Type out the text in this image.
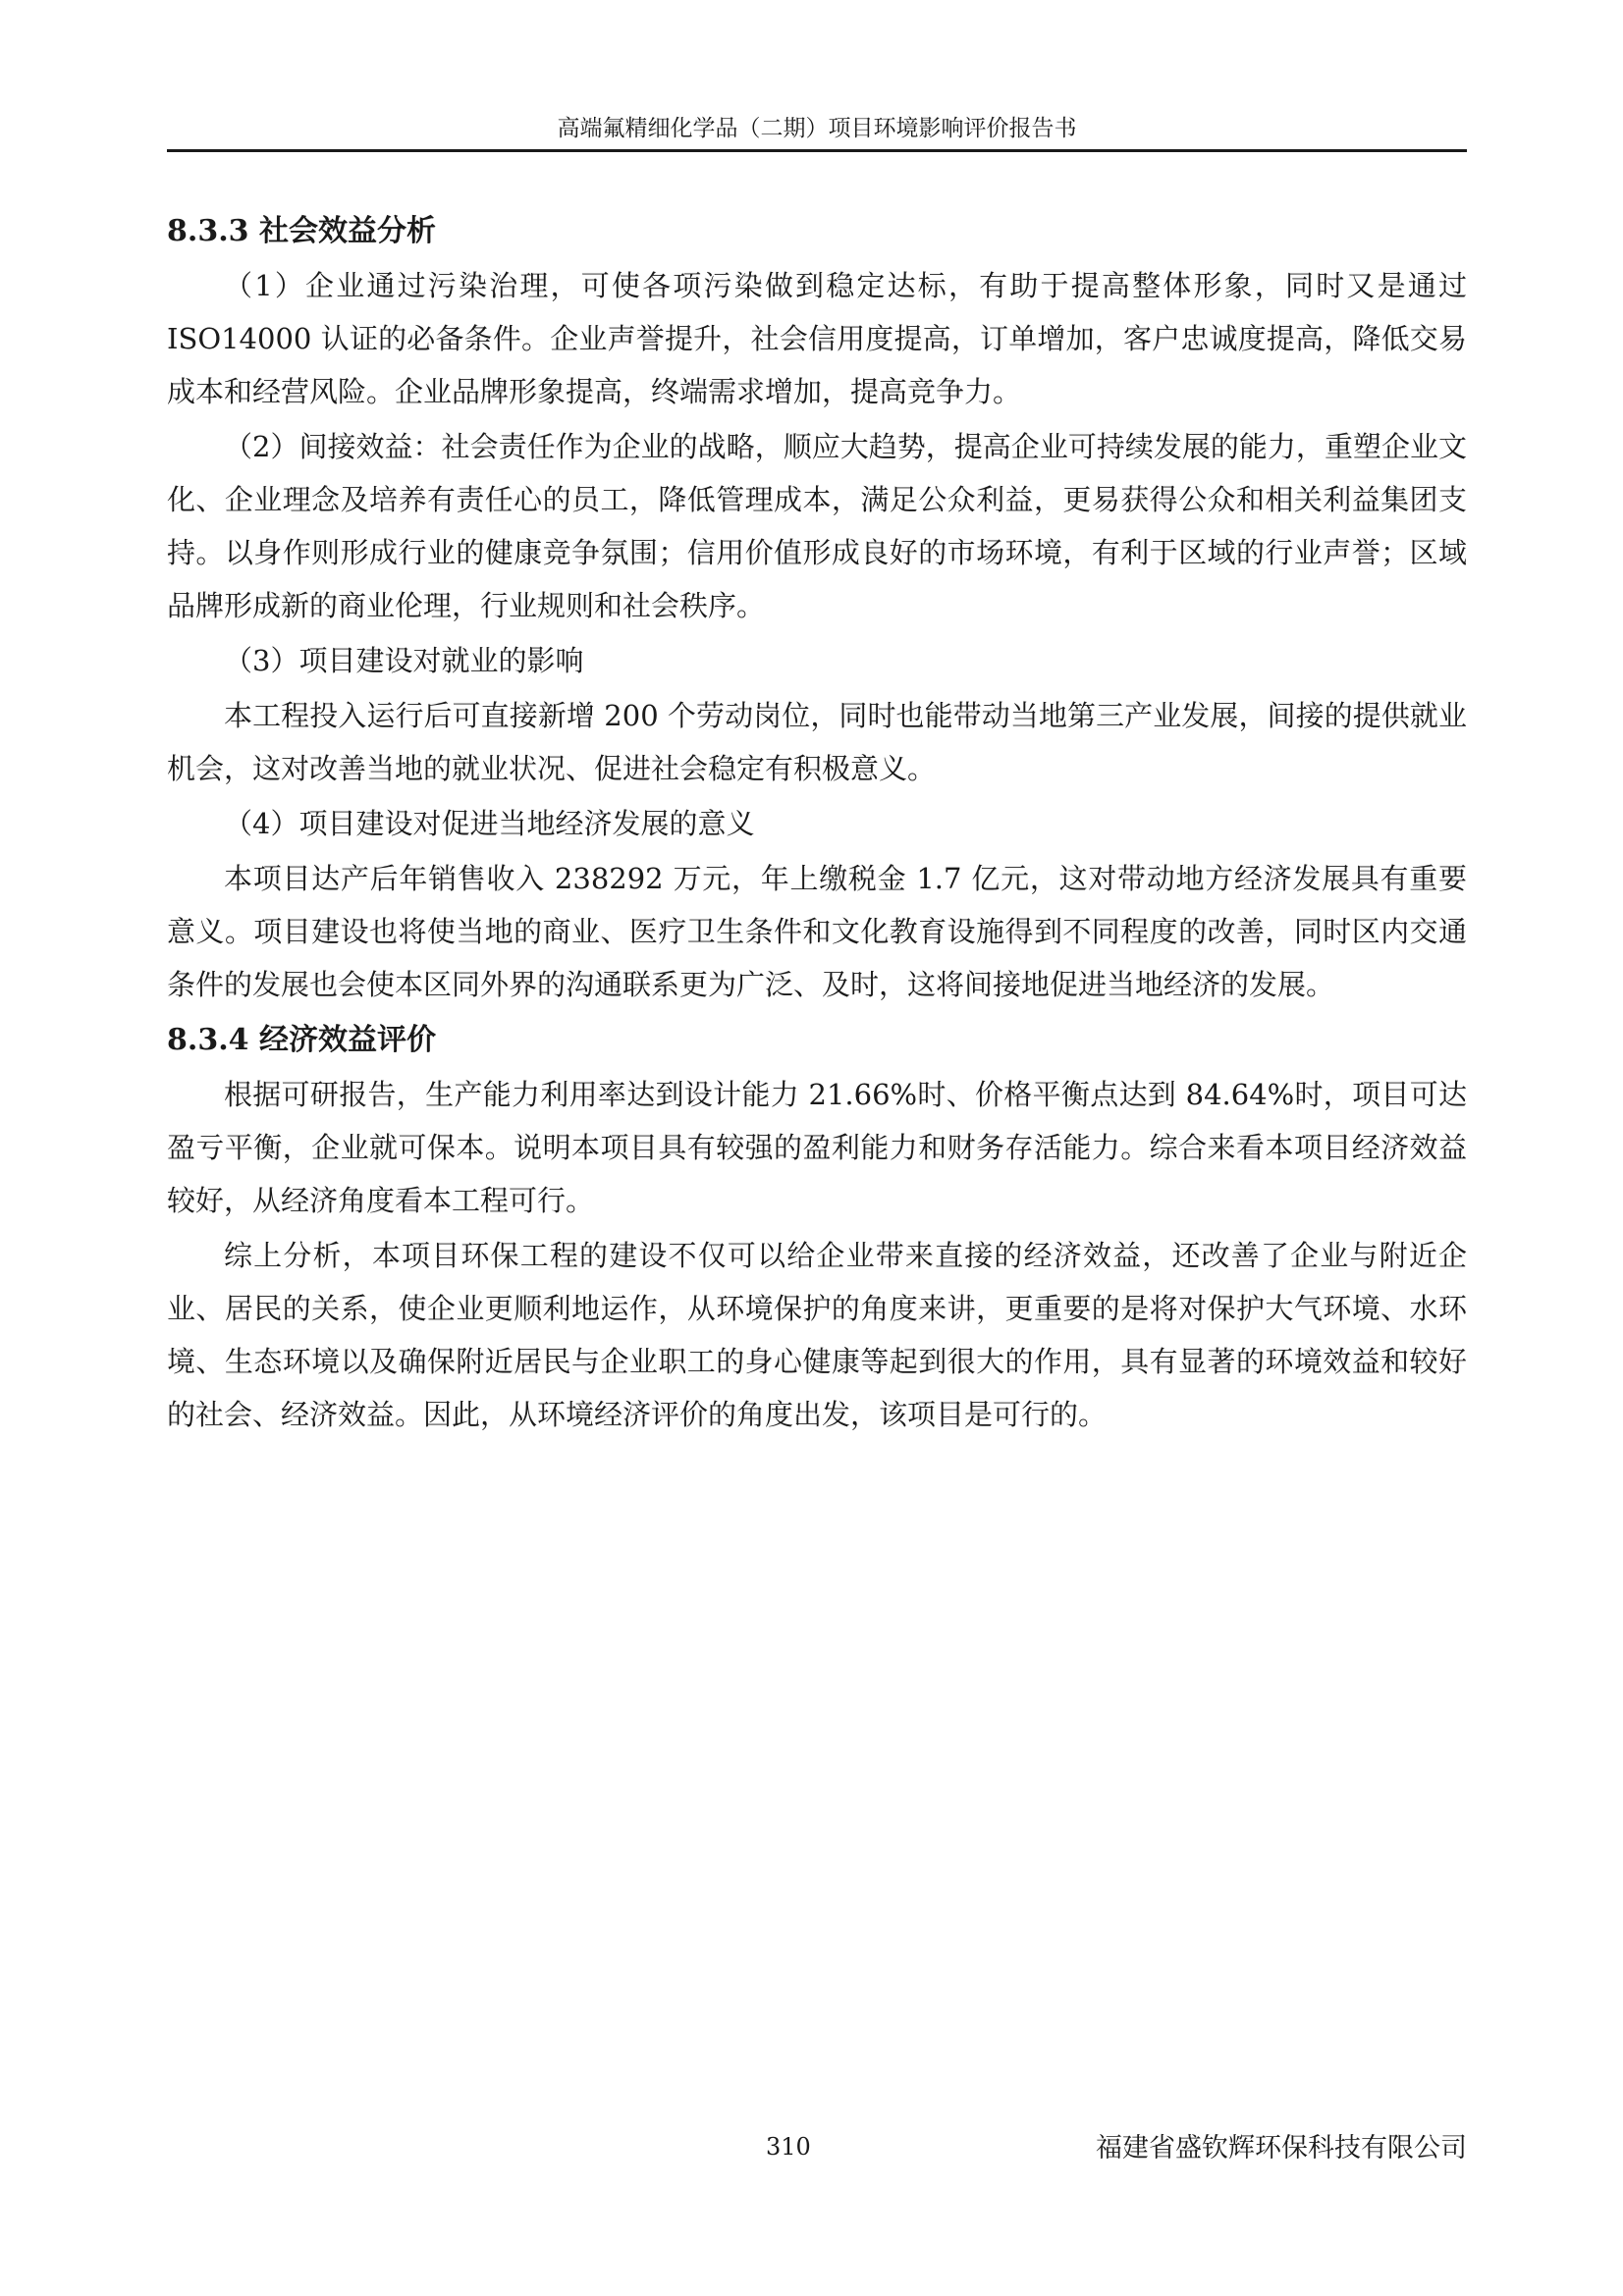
高端氟精细化学品（二期）项目环境影响评价报告书
8.3.3 社会效益分析

（1）企业通过污染治理，可使各项污染做到稳定达标，有助于提高整体形象，同时又是通过 ISO14000 认证的必备条件。企业声誉提升，社会信用度提高，订单增加，客户忠诚度提高，降低交易成本和经营风险。企业品牌形象提高，终端需求增加，提高竞争力。

（2）间接效益：社会责任作为企业的战略，顺应大趋势，提高企业可持续发展的能力，重塑企业文化、企业理念及培养有责任心的员工，降低管理成本，满足公众利益，更易获得公众和相关利益集团支持。以身作则形成行业的健康竞争氛围；信用价值形成良好的市场环境，有利于区域的行业声誉；区域品牌形成新的商业伦理，行业规则和社会秩序。

（3）项目建设对就业的影响

本工程投入运行后可直接新增 200 个劳动岗位，同时也能带动当地第三产业发展，间接的提供就业机会，这对改善当地的就业状况、促进社会稳定有积极意义。

（4）项目建设对促进当地经济发展的意义

本项目达产后年销售收入 238292 万元，年上缴税金 1.7 亿元，这对带动地方经济发展具有重要意义。项目建设也将使当地的商业、医疗卫生条件和文化教育设施得到不同程度的改善，同时区内交通条件的发展也会使本区同外界的沟通联系更为广泛、及时，这将间接地促进当地经济的发展。

8.3.4 经济效益评价

根据可研报告，生产能力利用率达到设计能力 21.66%时、价格平衡点达到 84.64%时，项目可达盈亏平衡，企业就可保本。说明本项目具有较强的盈利能力和财务存活能力。综合来看本项目经济效益较好，从经济角度看本工程可行。

综上分析，本项目环保工程的建设不仅可以给企业带来直接的经济效益，还改善了企业与附近企业、居民的关系，使企业更顺利地运作，从环境保护的角度来讲，更重要的是将对保护大气环境、水环境、生态环境以及确保附近居民与企业职工的身心健康等起到很大的作用，具有显著的环境效益和较好的社会、经济效益。因此，从环境经济评价的角度出发，该项目是可行的。

310	福建省盛钦辉环保科技有限公司
